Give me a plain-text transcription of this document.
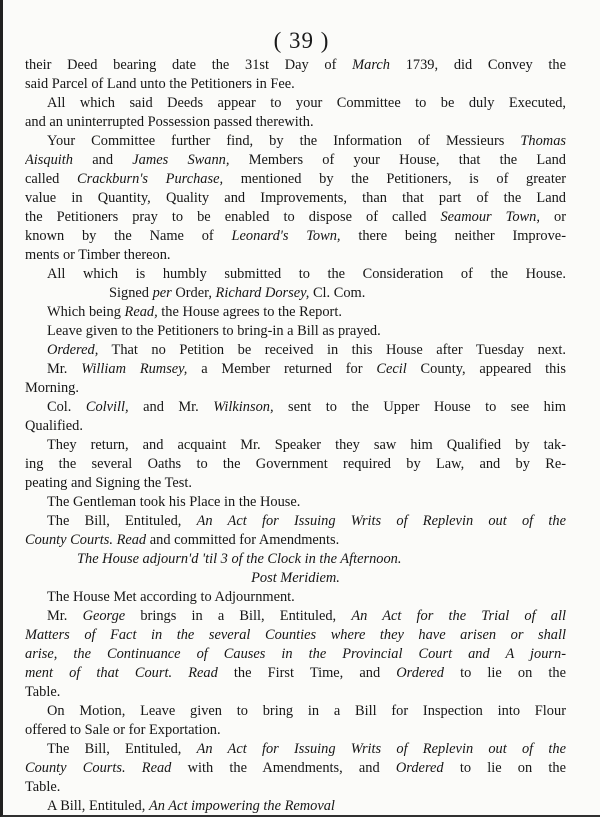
( 39 )
their Deed bearing date the 31st Day of March 1739, did Convey the
said Parcel of Land unto the Petitioners in Fee.
All which said Deeds appear to your Committee to be duly Executed,
and an uninterrupted Possession passed therewith.
Your Committee further find, by the Information of Messieurs Thomas
Aisquith and James Swann, Members of your House, that the Land
called Crackburn's Purchase, mentioned by the Petitioners, is of greater
value in Quantity, Quality and Improvements, than that part of the Land
the Petitioners pray to be enabled to dispose of called Seamour Town, or
known by the Name of Leonard's Town, there being neither Improve-
ments or Timber thereon.
All which is humbly submitted to the Consideration of the House.
Signed per Order, Richard Dorsey, Cl. Com.
Which being Read, the House agrees to the Report.
Leave given to the Petitioners to bring-in a Bill as prayed.
Ordered, That no Petition be received in this House after Tuesday next.
Mr. William Rumsey, a Member returned for Cecil County, appeared this
Morning.
Col. Colvill, and Mr. Wilkinson, sent to the Upper House to see him
Qualified.
They return, and acquaint Mr. Speaker they saw him Qualified by tak-
ing the several Oaths to the Government required by Law, and by Re-
peating and Signing the Test.
The Gentleman took his Place in the House.
The Bill, Entituled, An Act for Issuing Writs of Replevin out of the
County Courts. Read and committed for Amendments.
The House adjourn'd 'til 3 of the Clock in the Afternoon.
Post Meridiem.
The House Met according to Adjournment.
Mr. George brings in a Bill, Entituled, An Act for the Trial of all
Matters of Fact in the several Counties where they have arisen or shall
arise, the Continuance of Causes in the Provincial Court and A journ-
ment of that Court. Read the First Time, and Ordered to lie on the
Table.
On Motion, Leave given to bring in a Bill for Inspection into Flour
offered to Sale or for Exportation.
The Bill, Entituled, An Act for Issuing Writs of Replevin out of the
County Courts. Read with the Amendments, and Ordered to lie on the
Table.
A Bill, Entituled, An Act impowering the Removal
